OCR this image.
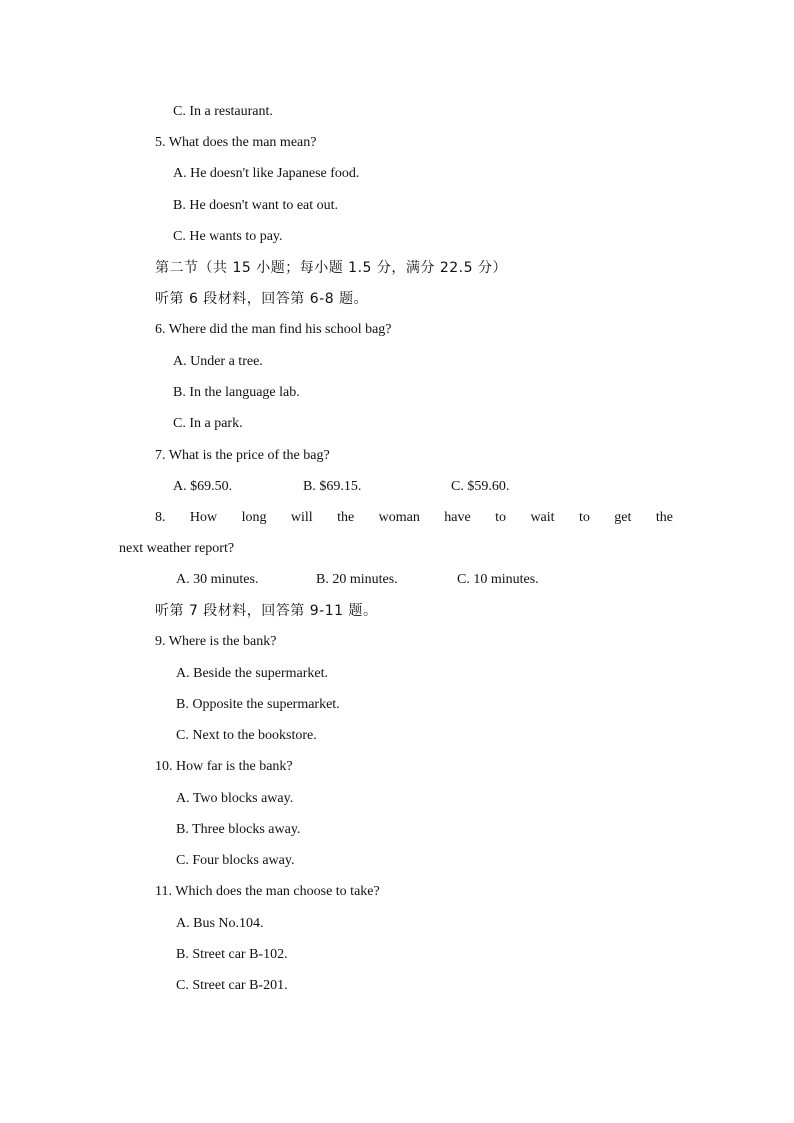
C. In a restaurant.
5. What does the man mean?
A. He doesn't like Japanese food.
B. He doesn't want to eat out.
C. He wants to pay.
第二节（共 15 小题；每小题 1.5 分，满分 22.5 分）
听第 6 段材料，回答第 6-8 题。
6. Where did the man find his school bag?
A. Under a tree.
B. In the language lab.
C. In a park.
7. What is the price of the bag?
A. $69.50.	B. $69.15.	C. $59.60.
8. How long will the woman have to wait to get the
next weather report?
A. 30 minutes.	B. 20 minutes.	C. 10 minutes.
听第 7 段材料，回答第 9-11 题。
9. Where is the bank?
A. Beside the supermarket.
B. Opposite the supermarket.
C. Next to the bookstore.
10. How far is the bank?
A. Two blocks away.
B. Three blocks away.
C. Four blocks away.
11. Which does the man choose to take?
A. Bus No.104.
B. Street car B-102.
C. Street car B-201.
